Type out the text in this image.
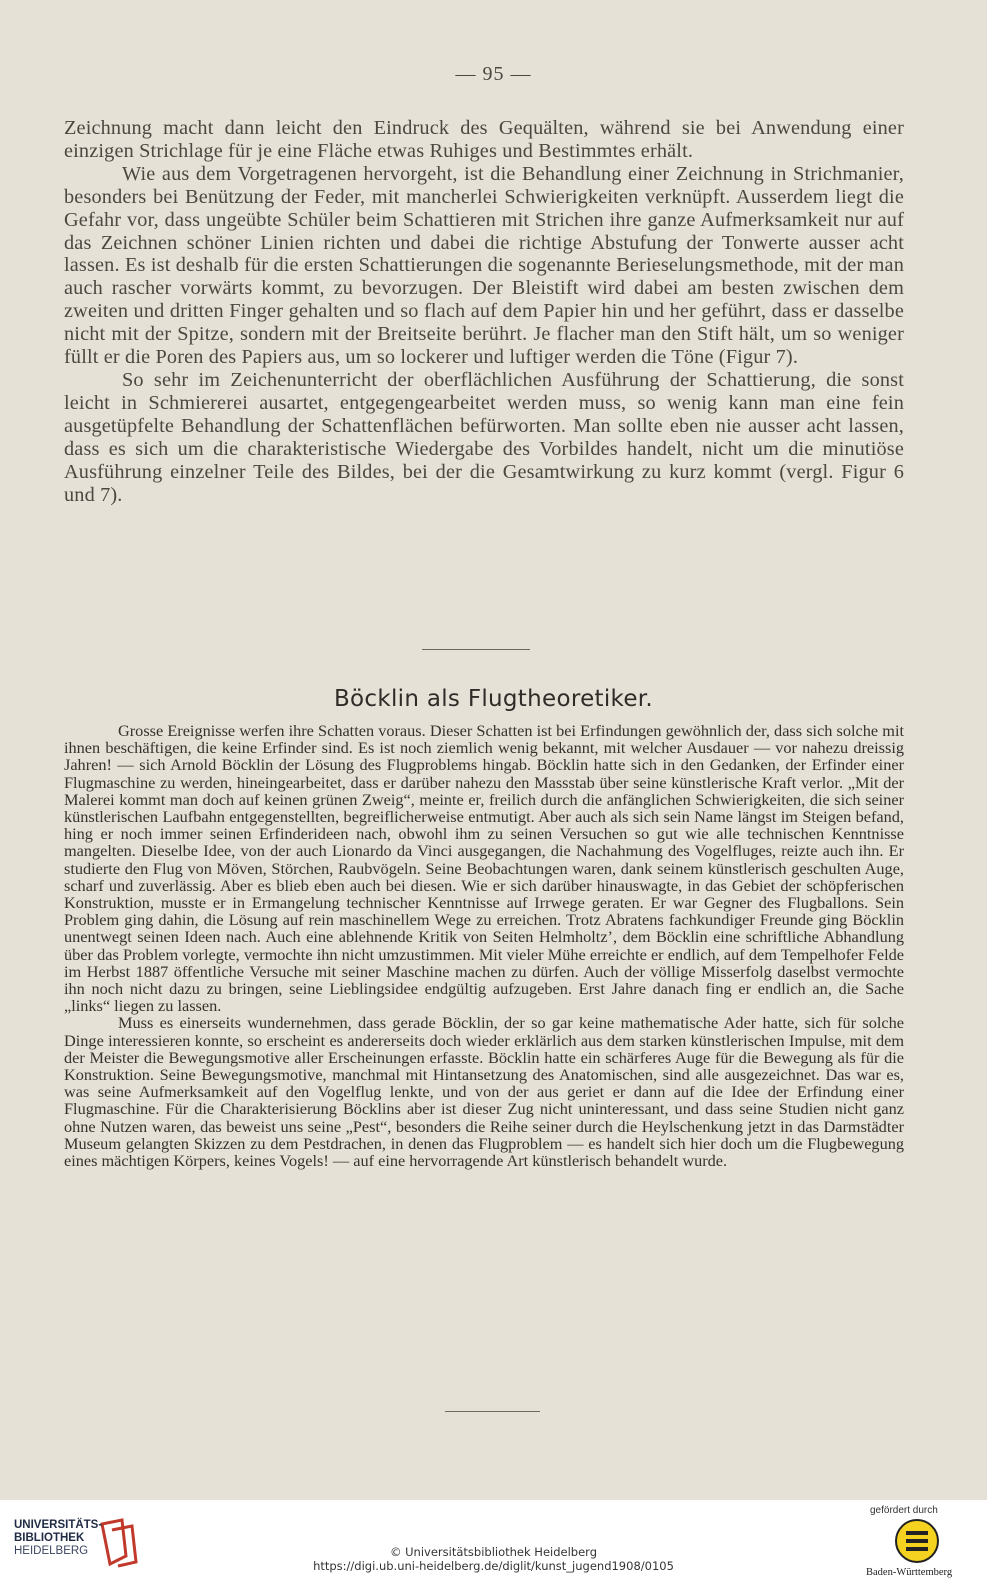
— 95 —

Zeichnung macht dann leicht den Eindruck des Gequälten, während sie bei Anwendung einer einzigen Strichlage für je eine Fläche etwas Ruhiges und Bestimmtes erhält.

Wie aus dem Vorgetragenen hervorgeht, ist die Behandlung einer Zeichnung in Strichmanier, besonders bei Benützung der Feder, mit mancherlei Schwierigkeiten verknüpft. Ausserdem liegt die Gefahr vor, dass ungeübte Schüler beim Schattieren mit Strichen ihre ganze Aufmerksamkeit nur auf das Zeichnen schöner Linien richten und dabei die richtige Abstufung der Tonwerte ausser acht lassen. Es ist deshalb für die ersten Schattierungen die sogenannte Berieselungsmethode, mit der man auch rascher vorwärts kommt, zu bevorzugen. Der Bleistift wird dabei am besten zwischen dem zweiten und dritten Finger gehalten und so flach auf dem Papier hin und her geführt, dass er dasselbe nicht mit der Spitze, sondern mit der Breitseite berührt. Je flacher man den Stift hält, um so weniger füllt er die Poren des Papiers aus, um so lockerer und luftiger werden die Töne (Figur 7).

So sehr im Zeichenunterricht der oberflächlichen Ausführung der Schattierung, die sonst leicht in Schmiererei ausartet, entgegengearbeitet werden muss, so wenig kann man eine fein ausgetüpfelte Behandlung der Schattenflächen befürworten. Man sollte eben nie ausser acht lassen, dass es sich um die charakteristische Wiedergabe des Vorbildes handelt, nicht um die minutiöse Ausführung einzelner Teile des Bildes, bei der die Gesamtwirkung zu kurz kommt (vergl. Figur 6 und 7).

Böcklin als Flugtheoretiker.

Grosse Ereignisse werfen ihre Schatten voraus. Dieser Schatten ist bei Erfindungen gewöhnlich der, dass sich solche mit ihnen beschäftigen, die keine Erfinder sind. Es ist noch ziemlich wenig bekannt, mit welcher Ausdauer — vor nahezu dreissig Jahren! — sich Arnold Böcklin der Lösung des Flugproblems hingab. Böcklin hatte sich in den Gedanken, der Erfinder einer Flugmaschine zu werden, hineingearbeitet, dass er darüber nahezu den Massstab über seine künstlerische Kraft verlor. „Mit der Malerei kommt man doch auf keinen grünen Zweig“, meinte er, freilich durch die anfänglichen Schwierigkeiten, die sich seiner künstlerischen Laufbahn entgegenstellten, begreiflicherweise entmutigt. Aber auch als sich sein Name längst im Steigen befand, hing er noch immer seinen Erfinderideen nach, obwohl ihm zu seinen Versuchen so gut wie alle technischen Kenntnisse mangelten. Dieselbe Idee, von der auch Lionardo da Vinci ausgegangen, die Nachahmung des Vogelfluges, reizte auch ihn. Er studierte den Flug von Möven, Störchen, Raubvögeln. Seine Beobachtungen waren, dank seinem künstlerisch geschulten Auge, scharf und zuverlässig. Aber es blieb eben auch bei diesen. Wie er sich darüber hinauswagte, in das Gebiet der schöpferischen Konstruktion, musste er in Ermangelung technischer Kenntnisse auf Irrwege geraten. Er war Gegner des Flugballons. Sein Problem ging dahin, die Lösung auf rein maschinellem Wege zu erreichen. Trotz Abratens fachkundiger Freunde ging Böcklin unentwegt seinen Ideen nach. Auch eine ablehnende Kritik von Seiten Helmholtz’, dem Böcklin eine schriftliche Abhandlung über das Problem vorlegte, vermochte ihn nicht umzustimmen. Mit vieler Mühe erreichte er endlich, auf dem Tempelhofer Felde im Herbst 1887 öffentliche Versuche mit seiner Maschine machen zu dürfen. Auch der völlige Misserfolg daselbst vermochte ihn noch nicht dazu zu bringen, seine Lieblingsidee endgültig aufzugeben. Erst Jahre danach fing er endlich an, die Sache „links“ liegen zu lassen.

Muss es einerseits wundernehmen, dass gerade Böcklin, der so gar keine mathematische Ader hatte, sich für solche Dinge interessieren konnte, so erscheint es andererseits doch wieder erklärlich aus dem starken künstlerischen Impulse, mit dem der Meister die Bewegungsmotive aller Erscheinungen erfasste. Böcklin hatte ein schärferes Auge für die Bewegung als für die Konstruktion. Seine Bewegungsmotive, manchmal mit Hintansetzung des Anatomischen, sind alle ausgezeichnet. Das war es, was seine Aufmerksamkeit auf den Vogelflug lenkte, und von der aus geriet er dann auf die Idee der Erfindung einer Flugmaschine. Für die Charakterisierung Böcklins aber ist dieser Zug nicht uninteressant, und dass seine Studien nicht ganz ohne Nutzen waren, das beweist uns seine „Pest“, besonders die Reihe seiner durch die Heylschenkung jetzt in das Darmstädter Museum gelangten Skizzen zu dem Pestdrachen, in denen das Flugproblem — es handelt sich hier doch um die Flugbewegung eines mächtigen Körpers, keines Vogels! — auf eine hervorragende Art künstlerisch behandelt wurde.

UNIVERSITÄTS-
BIBLIOTHEK
HEIDELBERG	© Universitätsbibliothek Heidelberg
https://digi.ub.uni-heidelberg.de/diglit/kunst_jugend1908/0105
gefördert durch
Baden-Württemberg
